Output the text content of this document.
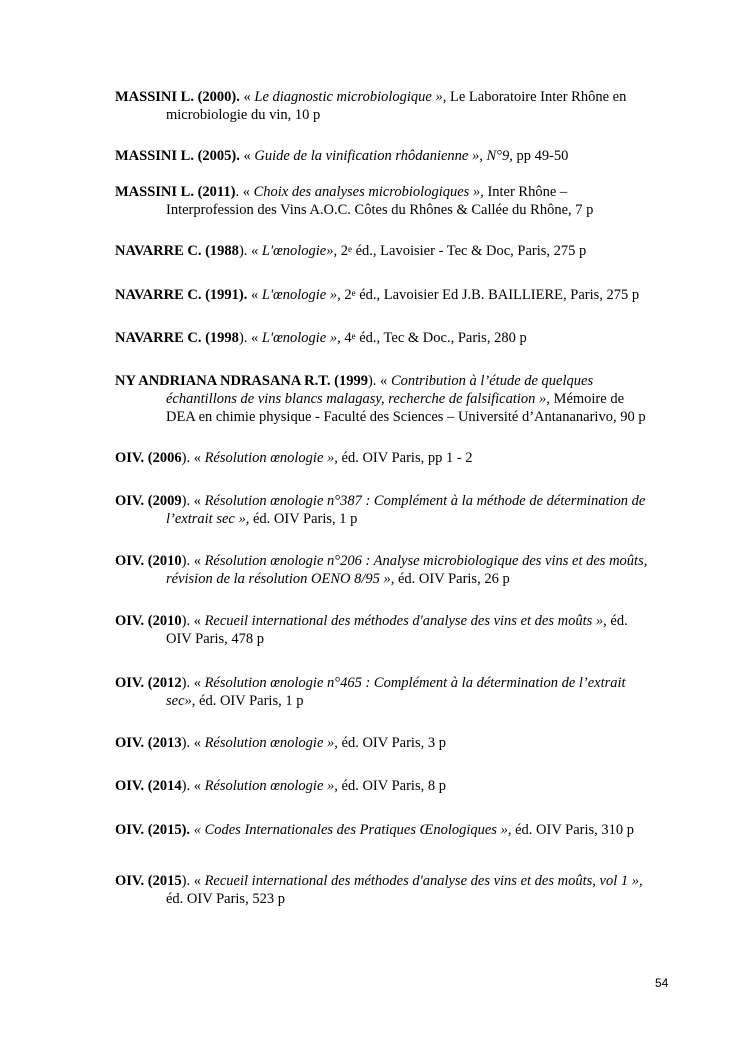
MASSINI L. (2000). « Le diagnostic microbiologique », Le Laboratoire Inter Rhône en
microbiologie du vin, 10 p
MASSINI L. (2005). « Guide de la vinification rhôdanienne », N°9, pp 49-50
MASSINI L. (2011). « Choix des analyses microbiologiques », Inter Rhône –
Interprofession des Vins A.O.C. Côtes du Rhônes & Callée du Rhône, 7 p
NAVARRE C. (1988). « L'œnologie», 2e éd., Lavoisier - Tec & Doc, Paris, 275 p
NAVARRE C. (1991). « L'œnologie », 2e éd., Lavoisier Ed J.B. BAILLIERE, Paris, 275 p
NAVARRE C. (1998). « L'œnologie », 4e éd., Tec & Doc., Paris, 280 p
NY ANDRIANA NDRASANA R.T. (1999). « Contribution à l’étude de quelques
échantillons de vins blancs malagasy, recherche de falsification », Mémoire de
DEA en chimie physique - Faculté des Sciences – Université d’Antananarivo, 90 p
OIV. (2006). « Résolution œnologie », éd. OIV Paris, pp 1 - 2
OIV. (2009). « Résolution œnologie n°387 : Complément à la méthode de détermination de
l’extrait sec », éd. OIV Paris, 1 p
OIV. (2010). « Résolution œnologie n°206 : Analyse microbiologique des vins et des moûts,
révision de la résolution OENO 8/95 », éd. OIV Paris, 26 p
OIV. (2010). « Recueil international des méthodes d'analyse des vins et des moûts », éd.
OIV Paris, 478 p
OIV. (2012). « Résolution œnologie n°465 : Complément à la détermination de l’extrait
sec», éd. OIV Paris, 1 p
OIV. (2013). « Résolution œnologie », éd. OIV Paris, 3 p
OIV. (2014). « Résolution œnologie », éd. OIV Paris, 8 p
OIV. (2015). « Codes Internationales des Pratiques Œnologiques », éd. OIV Paris, 310 p
OIV. (2015). « Recueil international des méthodes d'analyse des vins et des moûts, vol 1 »,
éd. OIV Paris, 523 p
54
